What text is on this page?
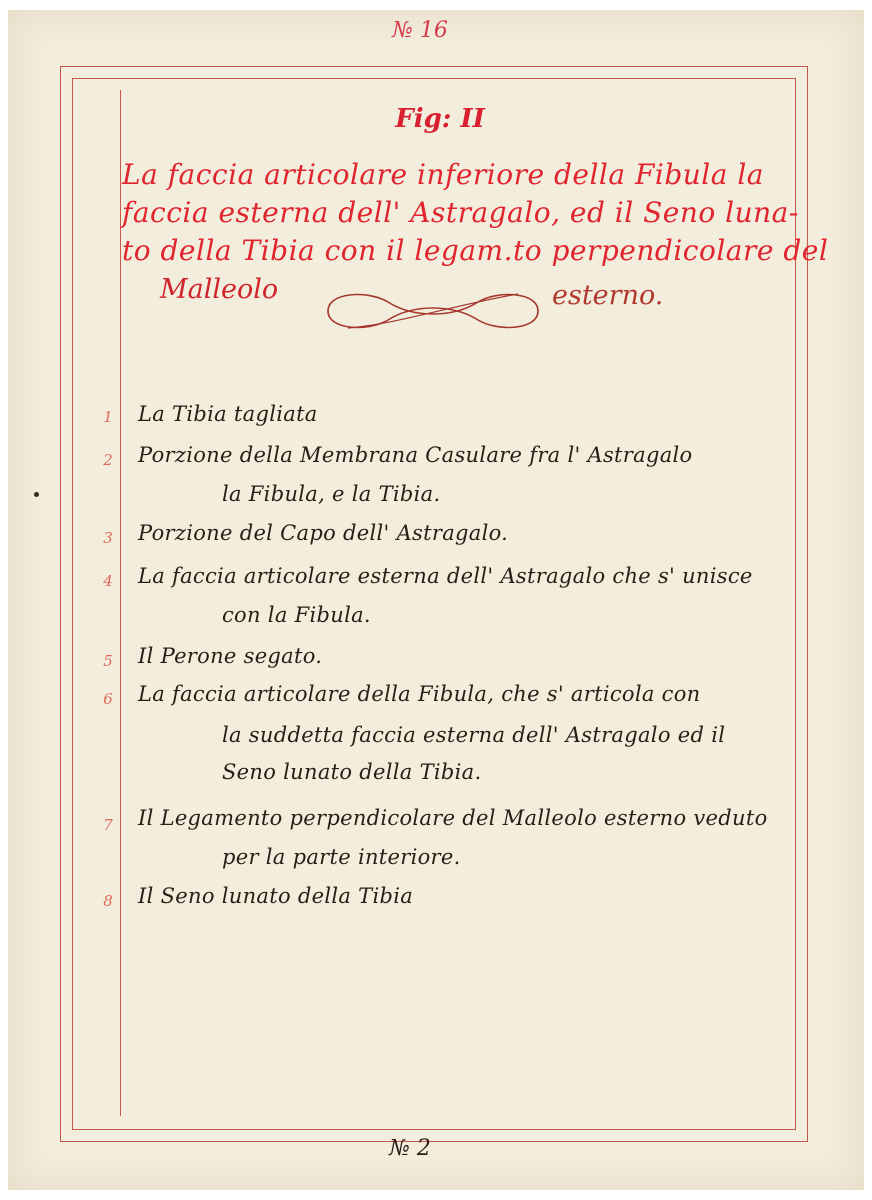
№ 16
Fig: II
La faccia articolare inferiore della Fibula la
faccia esterna dell' Astragalo, ed il Seno luna-
to della Tibia con il legam.to perpendicolare del
Malleolo	esterno.
1	La Tibia tagliata
2	Porzione della Membrana Casulare fra l' Astragalo
la Fibula, e la Tibia.
3	Porzione del Capo dell' Astragalo.
4	La faccia articolare esterna dell' Astragalo che s' unisce
con la Fibula.
5	Il Perone segato.
6	La faccia articolare della Fibula, che s' articola con
la suddetta faccia esterna dell' Astragalo ed il
Seno lunato della Tibia.
7	Il Legamento perpendicolare del Malleolo esterno veduto
per la parte interiore.
8	Il Seno lunato della Tibia
№ 2
